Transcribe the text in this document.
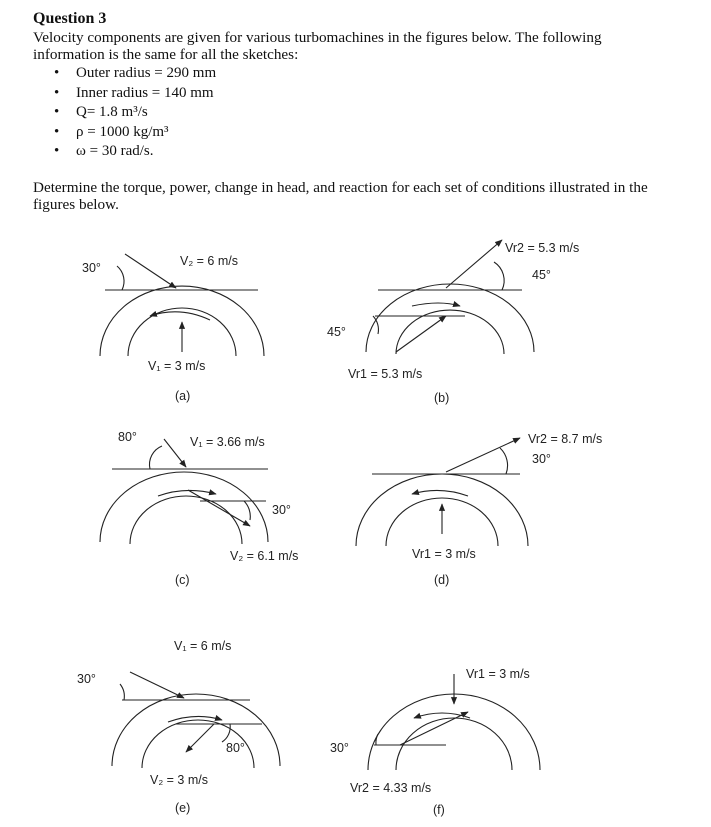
Question 3
Velocity components are given for various turbomachines in the figures below. The following information is the same for all the sketches:
• Outer radius = 290 mm
• Inner radius = 140 mm
• Q= 1.8 m³/s
• ρ = 1000 kg/m³
• ω = 30 rad/s.
Determine the torque, power, change in head, and reaction for each set of conditions illustrated in the figures below.
30°	V₂ = 6 m/s
V₁ = 3 m/s
(a)
Vr2 = 5.3 m/s
45°
45°
Vr1 = 5.3 m/s
(b)
80°	V₁ = 3.66 m/s
30°
V₂ = 6.1 m/s
(c)
Vr2 = 8.7 m/s
30°
Vr1 = 3 m/s
(d)
V₁ = 6 m/s
30°
80°
V₂ = 3 m/s
(e)
Vr1 = 3 m/s
30°
Vr2 = 4.33 m/s
(f)
